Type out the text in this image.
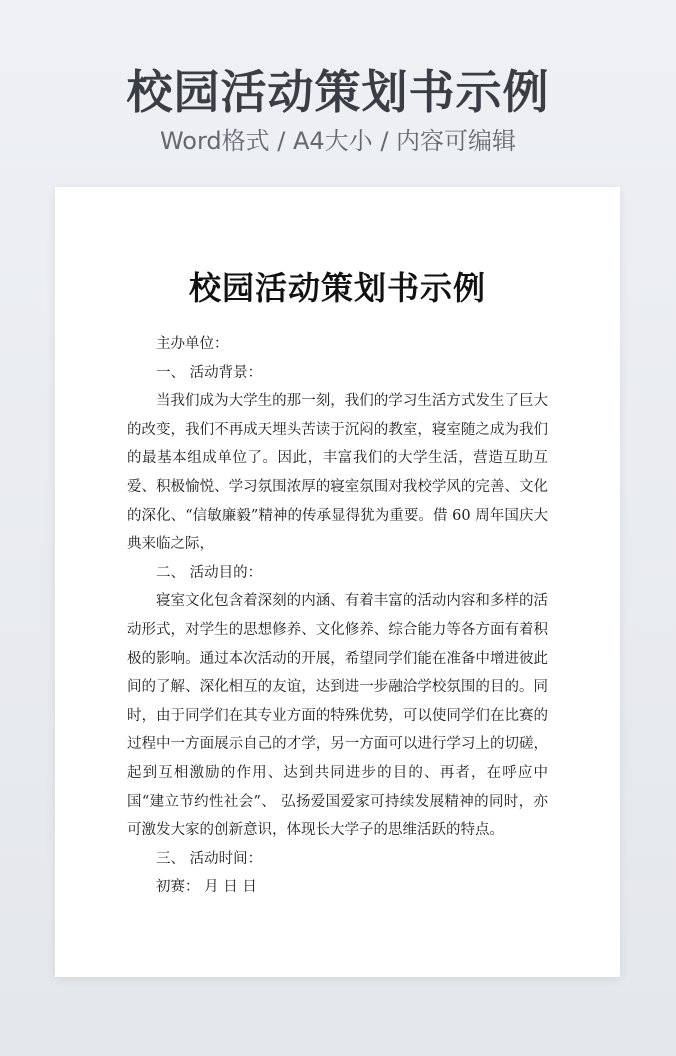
校园活动策划书示例
Word格式 / A4大小 / 内容可编辑
校园活动策划书示例

主办单位：

一、 活动背景：

当我们成为大学生的那一刻，我们的学习生活方式发生了巨大的改变，我们不再成天埋头苦读于沉闷的教室，寝室随之成为我们的最基本组成单位了。因此，丰富我们的大学生活，营造互助互爱、积极愉悦、学习氛围浓厚的寝室氛围对我校学风的完善、文化的深化、“信敏廉毅”精神的传承显得犹为重要。借 60 周年国庆大典来临之际，

二、 活动目的：

寝室文化包含着深刻的内涵、有着丰富的活动内容和多样的活动形式，对学生的思想修养、文化修养、综合能力等各方面有着积极的影响。通过本次活动的开展，希望同学们能在准备中增进彼此间的了解、深化相互的友谊，达到进一步融洽学校氛围的目的。同时，由于同学们在其专业方面的特殊优势，可以使同学们在比赛的过程中一方面展示自己的才学，另一方面可以进行学习上的切磋，起到互相激励的作用、达到共同进步的目的、再者，在呼应中国“建立节约性社会”、 弘扬爱国爱家可持续发展精神的同时，亦可激发大家的创新意识，体现长大学子的思维活跃的特点。

三、 活动时间：

初赛： 月 日 日
